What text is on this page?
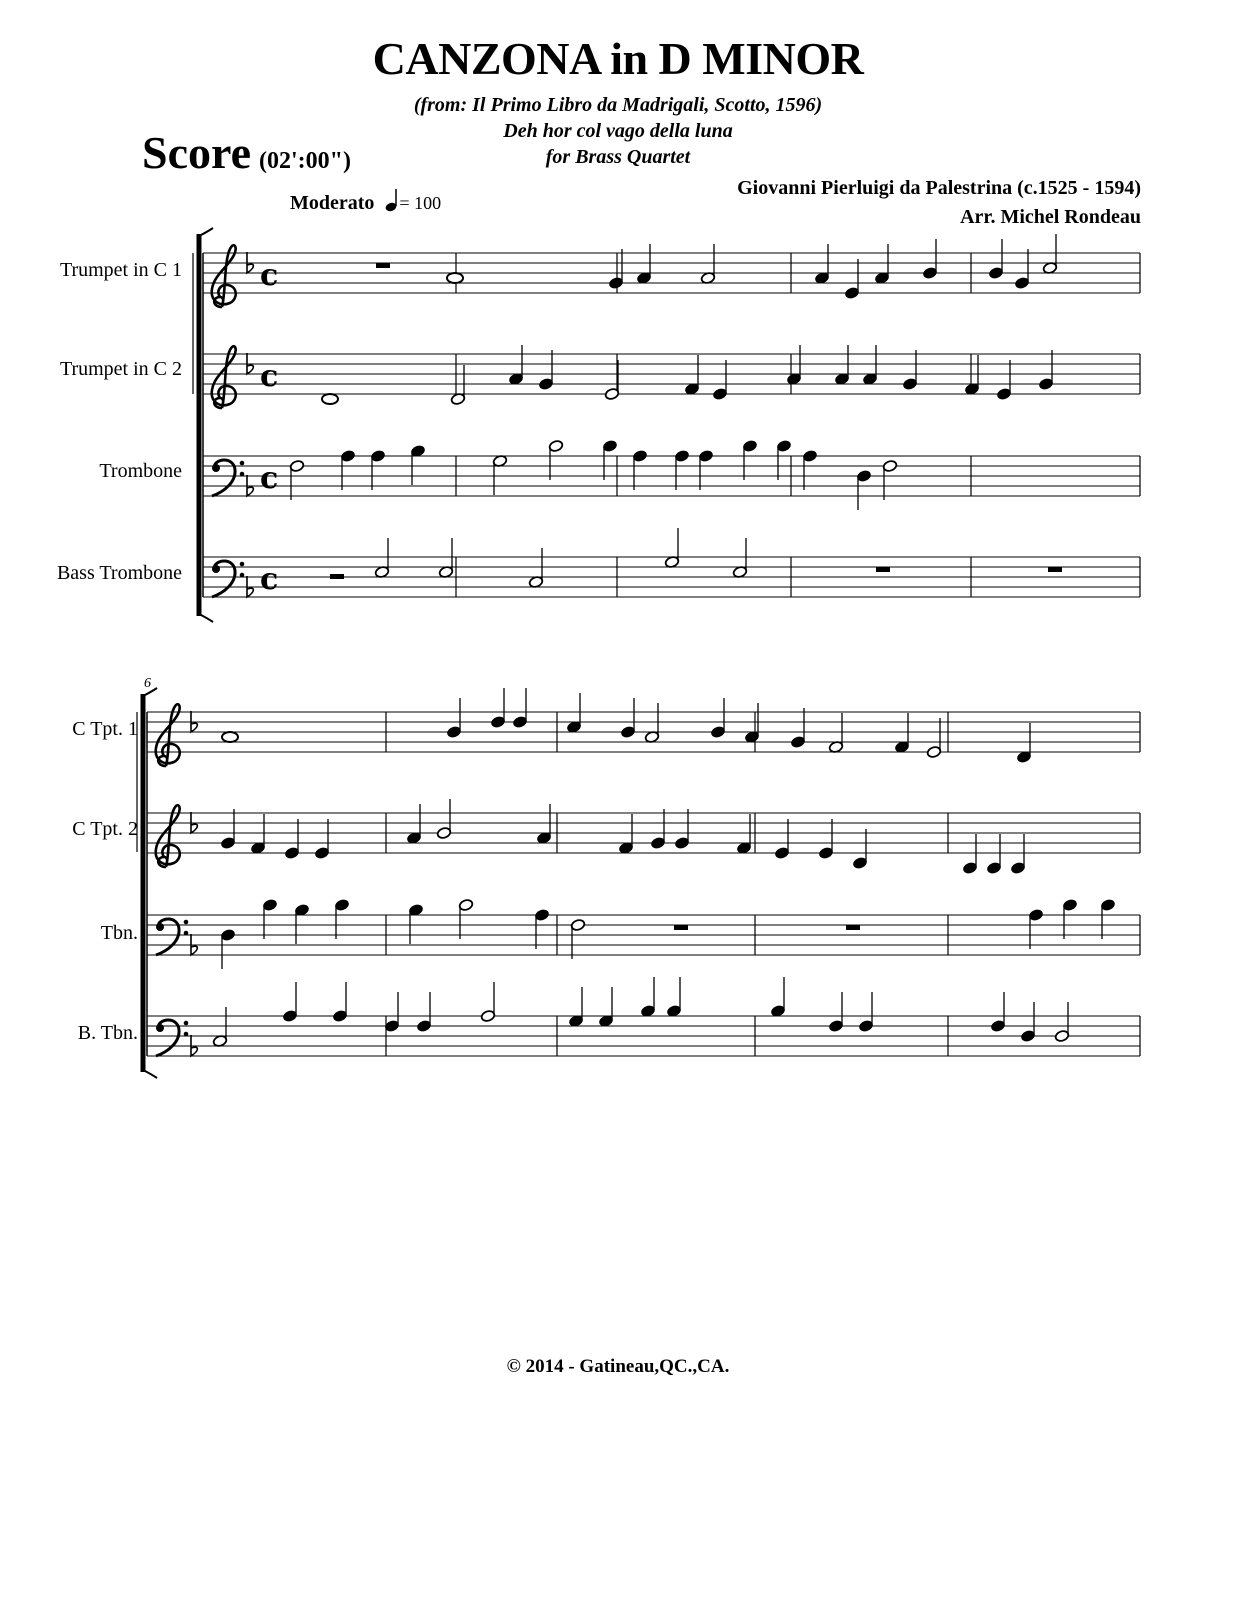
CANZONA in D MINOR
(from: Il Primo Libro da Madrigali, Scotto, 1596)
Deh hor col vago della luna
for Brass Quartet
Score (02':00")
Moderato = 100
Giovanni Pierluigi da Palestrina (c.1525 - 1594)
Arr. Michel Rondeau
Trumpet in C 1
Trumpet in C 2
Trombone
Bass Trombone
C Tpt. 1
C Tpt. 2
Tbn.
B. Tbn.
6
c
c
c
c
© 2014 - Gatineau,QC.,CA.
